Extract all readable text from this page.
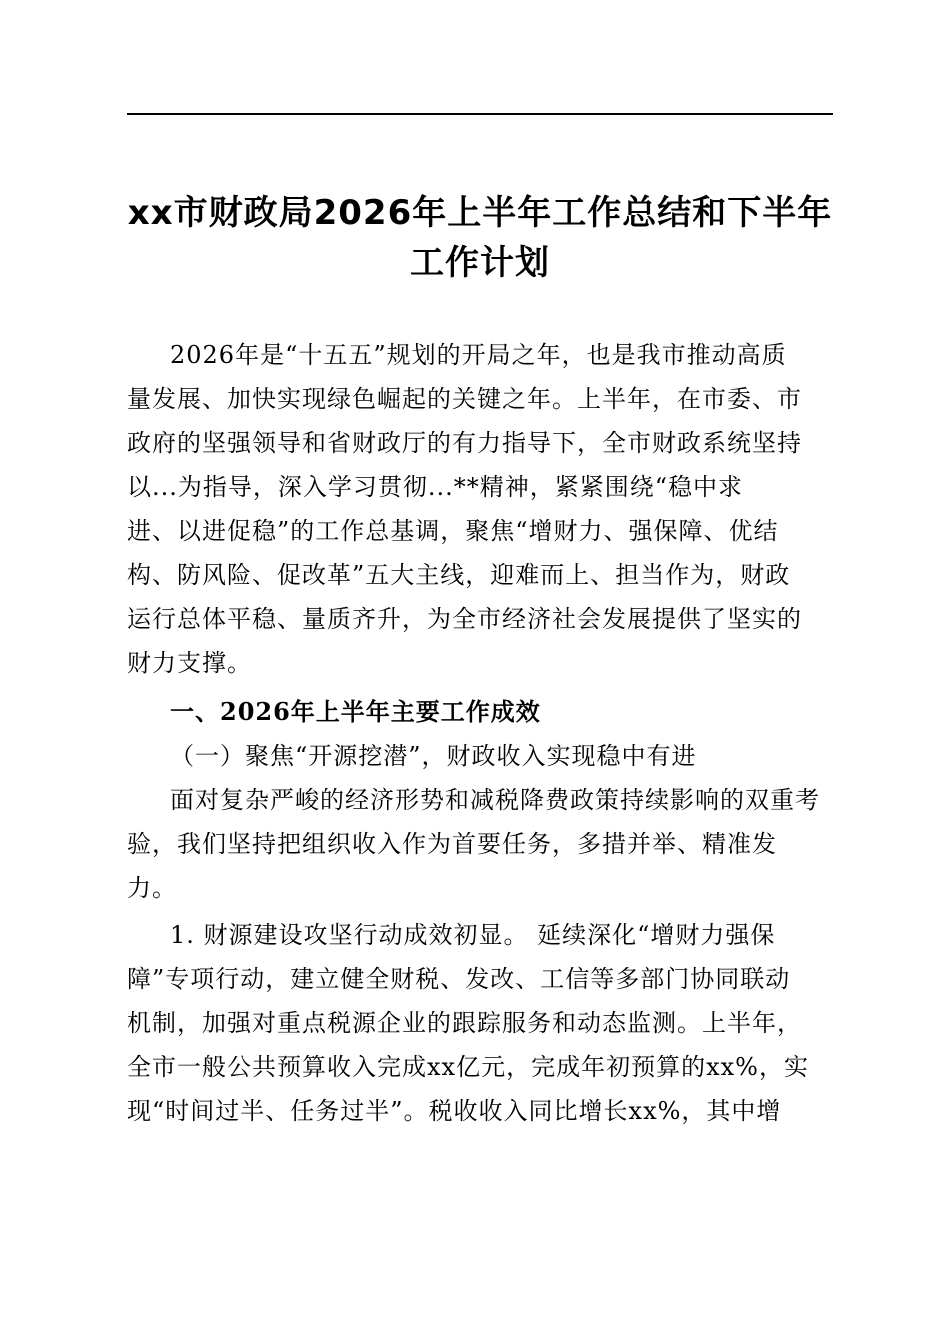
xx市财政局2026年上半年工作总结和下半年
工作计划
2026年是“十五五”规划的开局之年，也是我市推动高质
量发展、加快实现绿色崛起的关键之年。上半年，在市委、市
政府的坚强领导和省财政厅的有力指导下，全市财政系统坚持
以...为指导，深入学习贯彻...**精神，紧紧围绕“稳中求
进、以进促稳”的工作总基调，聚焦“增财力、强保障、优结
构、防风险、促改革”五大主线，迎难而上、担当作为，财政
运行总体平稳、量质齐升，为全市经济社会发展提供了坚实的
财力支撑。
一、2026年上半年主要工作成效
（一）聚焦“开源挖潜”，财政收入实现稳中有进
面对复杂严峻的经济形势和减税降费政策持续影响的双重考
验，我们坚持把组织收入作为首要任务，多措并举、精准发
力。
1. 财源建设攻坚行动成效初显。 延续深化“增财力强保
障”专项行动，建立健全财税、发改、工信等多部门协同联动
机制，加强对重点税源企业的跟踪服务和动态监测。上半年，
全市一般公共预算收入完成xx亿元，完成年初预算的xx%，实
现“时间过半、任务过半”。税收收入同比增长xx%，其中增
